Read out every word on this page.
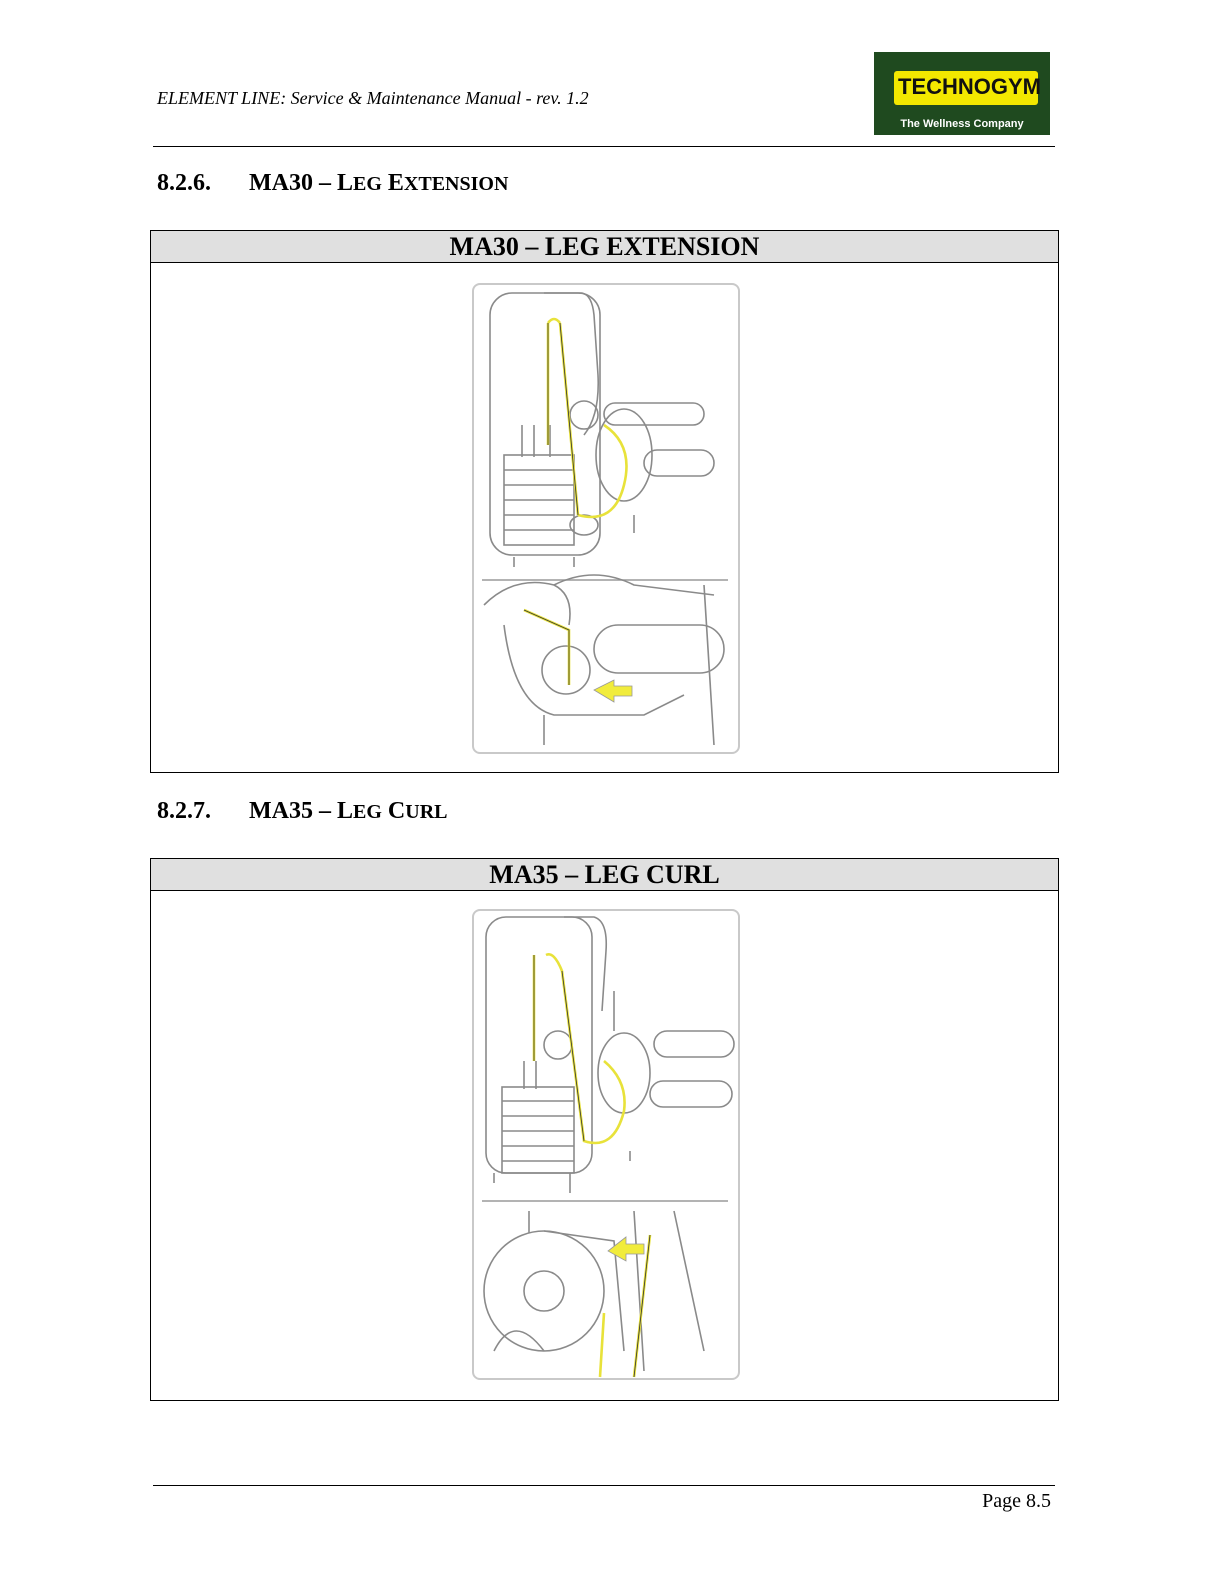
ELEMENT LINE: Service & Maintenance Manual - rev. 1.2	TECHNOGYM
The Wellness Company
8.2.6. MA30 – LEG EXTENSION
MA30 – LEG EXTENSION
8.2.7. MA35 – LEG CURL
MA35 – LEG CURL
Page 8.5
